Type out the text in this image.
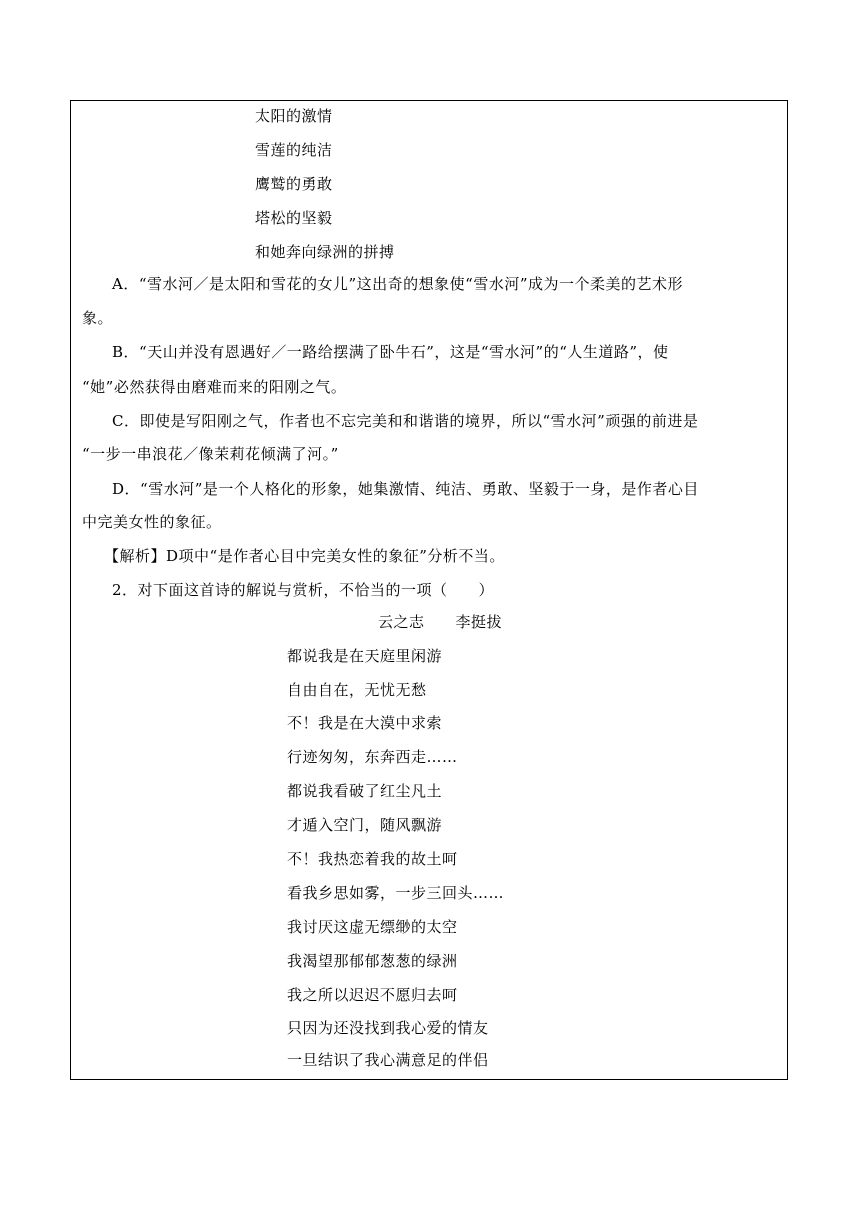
太阳的激情
雪莲的纯洁
鹰鹫的勇敢
塔松的坚毅
和她奔向绿洲的拼搏
A．“雪水河／是太阳和雪花的女儿”这出奇的想象使“雪水河”成为一个柔美的艺术形
象。
B．“天山并没有恩遇好／一路给摆满了卧牛石”，这是“雪水河”的“人生道路”，使
“她”必然获得由磨难而来的阳刚之气。
C．即使是写阳刚之气，作者也不忘完美和和谐谐的境界，所以“雪水河”顽强的前进是
“一步一串浪花／像茉莉花倾满了河。”
D．“雪水河”是一个人格化的形象，她集激情、纯洁、勇敢、坚毅于一身，是作者心目
中完美女性的象征。
【解析】D项中“是作者心目中完美女性的象征”分析不当。
2．对下面这首诗的解说与赏析，不恰当的一项（　　）
云之志　　李挺拔
都说我是在天庭里闲游
自由自在，无忧无愁
不！我是在大漠中求索
行迹匆匆，东奔西走……
都说我看破了红尘凡土
才遁入空门，随风飘游
不！我热恋着我的故土呵
看我乡思如雾，一步三回头……
我讨厌这虚无缥缈的太空
我渴望那郁郁葱葱的绿洲
我之所以迟迟不愿归去呵
只因为还没找到我心爱的情友
一旦结识了我心满意足的伴侣
